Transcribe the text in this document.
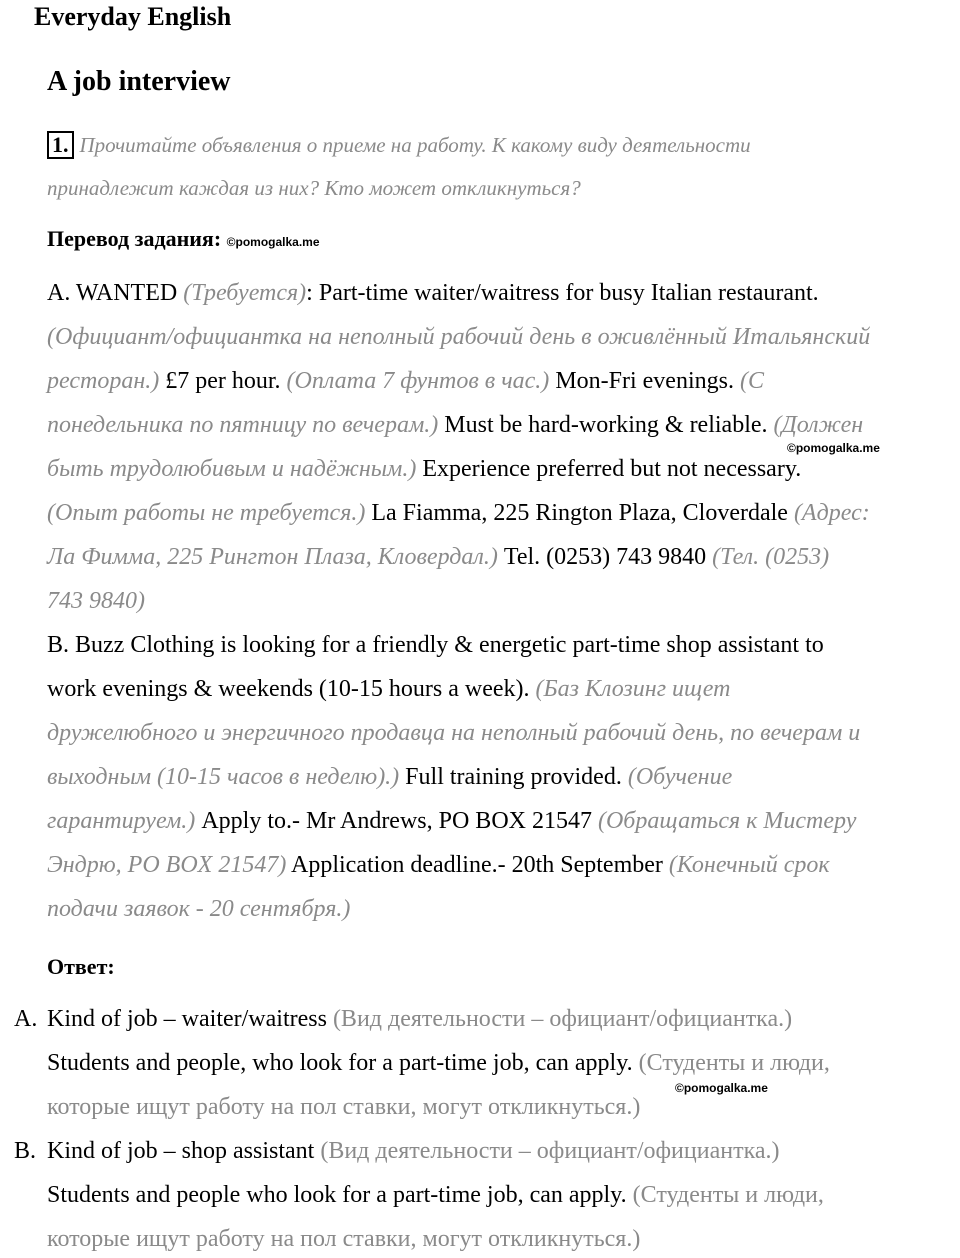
Everyday English
A job interview
1. Прочитайте объявления о приеме на работу. К какому виду деятельности
принадлежит каждая из них? Кто может откликнуться?
Перевод задания: ©pomogalka.me
A. WANTED (Требуется): Part-time waiter/waitress for busy Italian restaurant.
(Официант/официантка на неполный рабочий день в оживлённый Итальянский
ресторан.) £7 per hour. (Оплата 7 фунтов в час.) Mon-Fri evenings. (С
понедельника по пятницу по вечерам.) Must be hard-working & reliable. (Должен
©pomogalka.me
быть трудолюбивым и надёжным.) Experience preferred but not necessary.
(Опыт работы не требуется.) La Fiamma, 225 Rington Plaza, Cloverdale (Адрес:
Ла Фимма, 225 Рингтон Плаза, Кловердал.) Tel. (0253) 743 9840 (Тел. (0253)
743 9840)
B. Buzz Clothing is looking for a friendly & energetic part-time shop assistant to
work evenings & weekends (10-15 hours a week). (Баз Клозинг ищет
дружелюбного и энергичного продавца на неполный рабочий день, по вечерам и
выходным (10-15 часов в неделю).) Full training provided. (Обучение
гарантируем.) Apply to.- Mr Andrews, PO BOX 21547 (Обращаться к Мистеру
Эндрю, PO BOX 21547) Application deadline.- 20th September (Конечный срок
подачи заявок - 20 сентября.)
Ответ:
A. Kind of job – waiter/waitress (Вид деятельности – официант/официантка.)
Students and people, who look for a part-time job, can apply. (Студенты и люди,
©pomogalka.me
которые ищут работу на пол ставки, могут откликнуться.)
B. Kind of job – shop assistant (Вид деятельности – официант/официантка.)
Students and people who look for a part-time job, can apply. (Студенты и люди,
которые ищут работу на пол ставки, могут откликнуться.)
